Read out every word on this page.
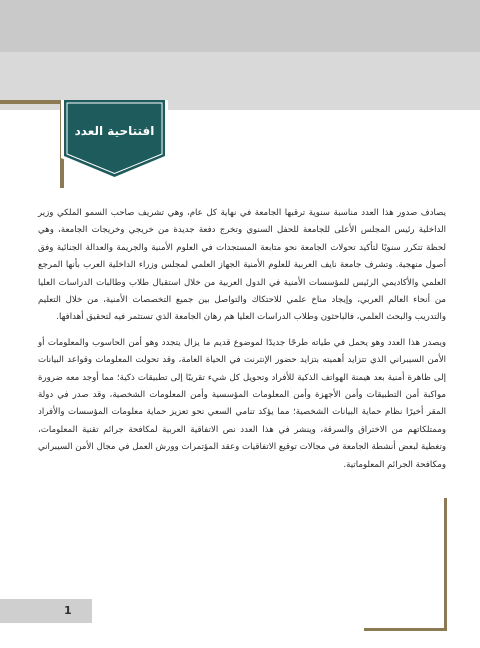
افتتاحية العدد

يصادف صدور هذا العدد مناسبة سنوية ترقبها الجامعة في نهاية كل عام، وهي تشريف صاحب السمو الملكي وزير الداخلية رئيس المجلس الأعلى للجامعة للحفل السنوي وتخرج دفعة جديدة من خريجي وخريجات الجامعة، وهي لحظة تتكرر سنويًا لتأكيد تحولات الجامعة نحو متابعة المستجدات في العلوم الأمنية والجريمة والعدالة الجنائية وفق أصول منهجية. وتشرف جامعة نايف العربية للعلوم الأمنية الجهاز العلمي لمجلس وزراء الداخلية العرب بأنها المرجع العلمي والأكاديمي الرئيس للمؤسسات الأمنية في الدول العربية من خلال استقبال طلاب وطالبات الدراسات العليا من أنحاء العالم العربي، وإيجاد مناخ علمي للاحتكاك والتواصل بين جميع التخصصات الأمنية، من خلال التعليم والتدريب والبحث العلمي، فالباحثون وطلاب الدراسات العليا هم رهان الجامعة الذي تستثمر فيه لتحقيق أهدافها.

ويصدر هذا العدد وهو يحمل في طياته طرحًا جديدًا لموضوع قديم ما يزال يتجدد وهو أمن الحاسوب والمعلومات أو الأمن السيبراني الذي تتزايد أهميته بتزايد حضور الإنترنت في الحياة العامة، وقد تحولت المعلومات وقواعد البيانات إلى ظاهرة أمنية بعد هيمنة الهواتف الذكية للأفراد وتحويل كل شيء تقريبًا إلى تطبيقات ذكية؛ مما أوجد معه ضرورة مواكبة أمن التطبيقات وأمن الأجهزة وأمن المعلومات المؤسسية وأمن المعلومات الشخصية، وقد صدر في دولة المقر أخيرًا نظام حماية البيانات الشخصية؛ مما يؤكد تنامي السعي نحو تعزيز حماية معلومات المؤسسات والأفراد وممتلكاتهم من الاختراق والسرقة، وينشر في هذا العدد نص الاتفاقية العربية لمكافحة جرائم تقنية المعلومات، وتغطية لبعض أنشطة الجامعة في مجالات توقيع الاتفاقيات وعقد المؤتمرات وورش العمل في مجال الأمن السيبراني ومكافحة الجرائم المعلوماتية.

1
